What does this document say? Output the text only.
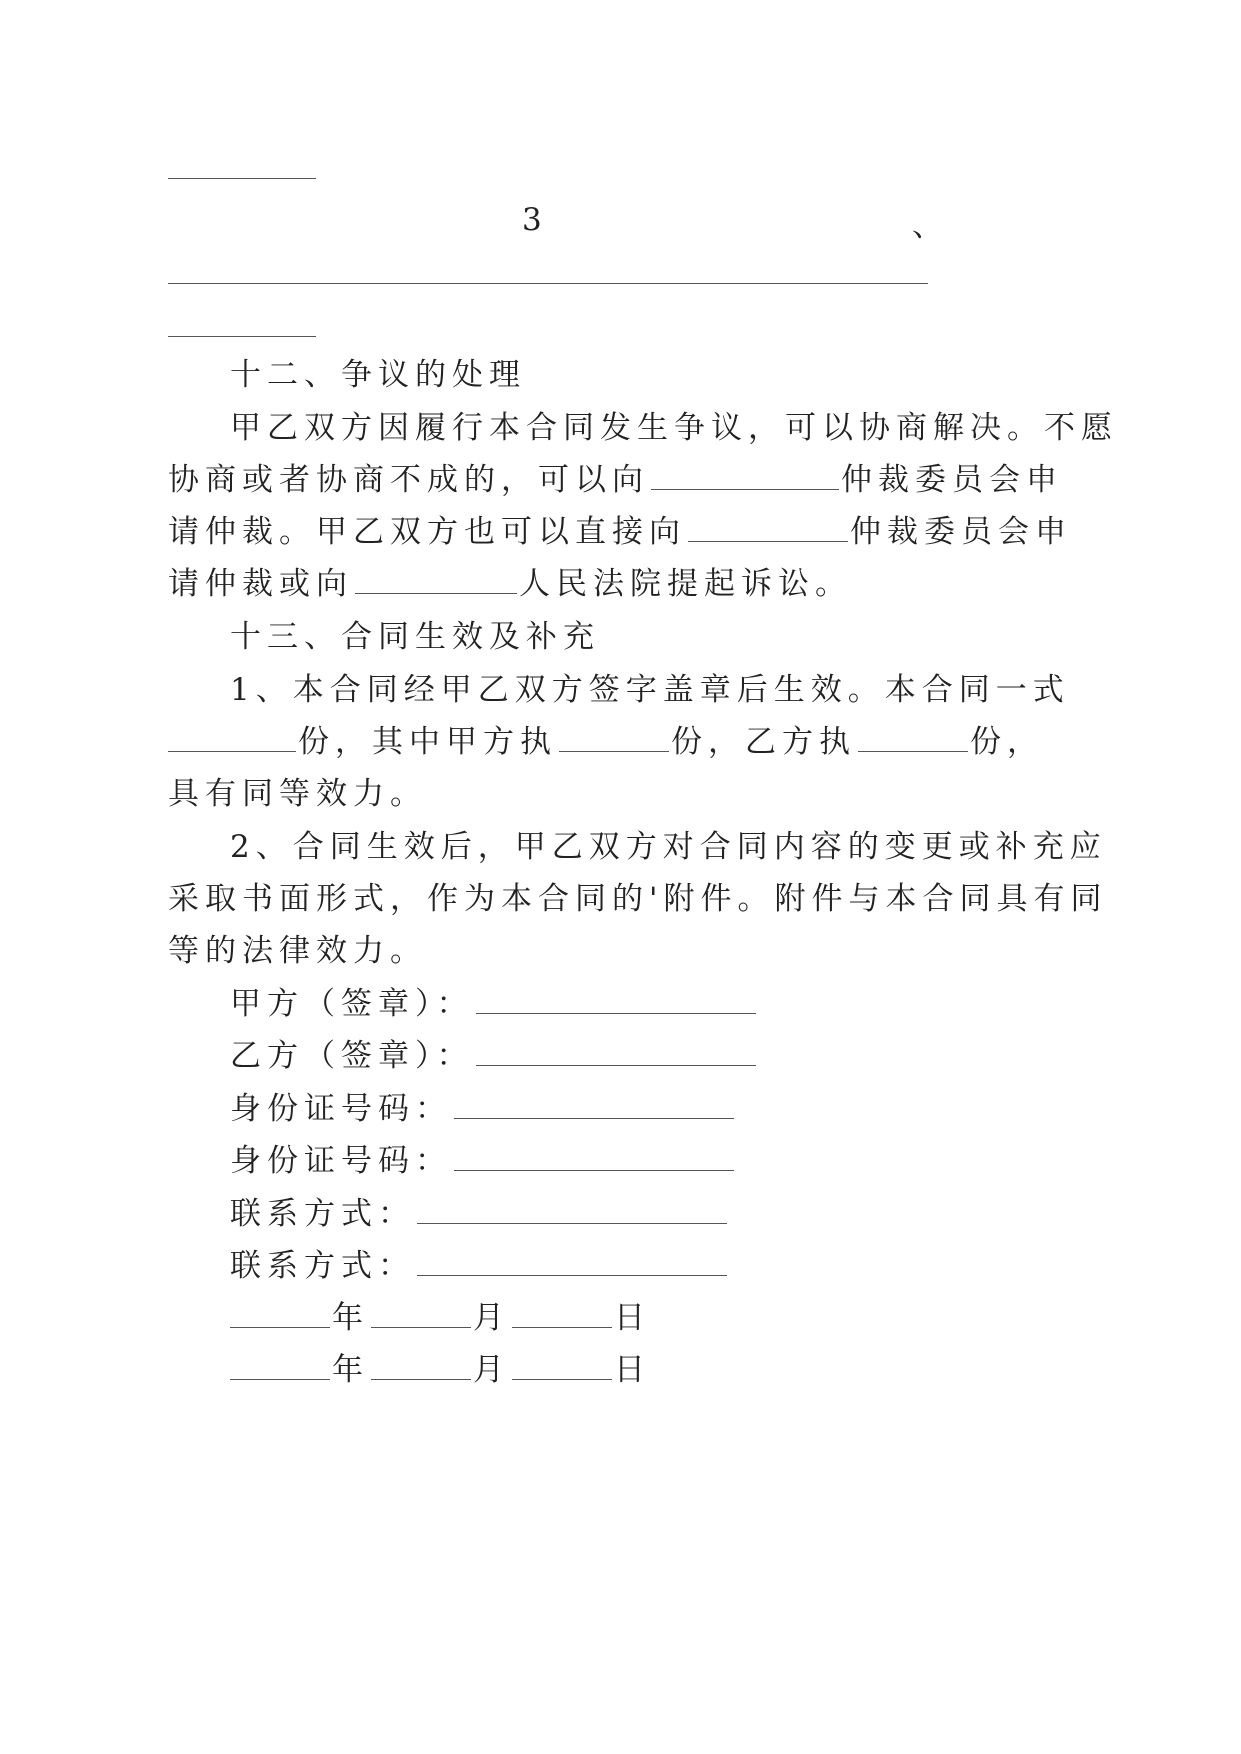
3	、
十二、争议的处理
甲乙双方因履行本合同发生争议，可以协商解决。不愿
协商或者协商不成的，可以向	仲裁委员会申
请仲裁。甲乙双方也可以直接向	仲裁委员会申
请仲裁或向	人民法院提起诉讼。
十三、合同生效及补充
1、本合同经甲乙双方签字盖章后生效。本合同一式
份，其中甲方执	份，乙方执	份，
具有同等效力。
2、合同生效后，甲乙双方对合同内容的变更或补充应
采取书面形式，作为本合同的'附件。附件与本合同具有同
等的法律效力。
甲方（签章）：
乙方（签章）：
身份证号码：
身份证号码：
联系方式：
联系方式：
年	月	日
年	月	日
